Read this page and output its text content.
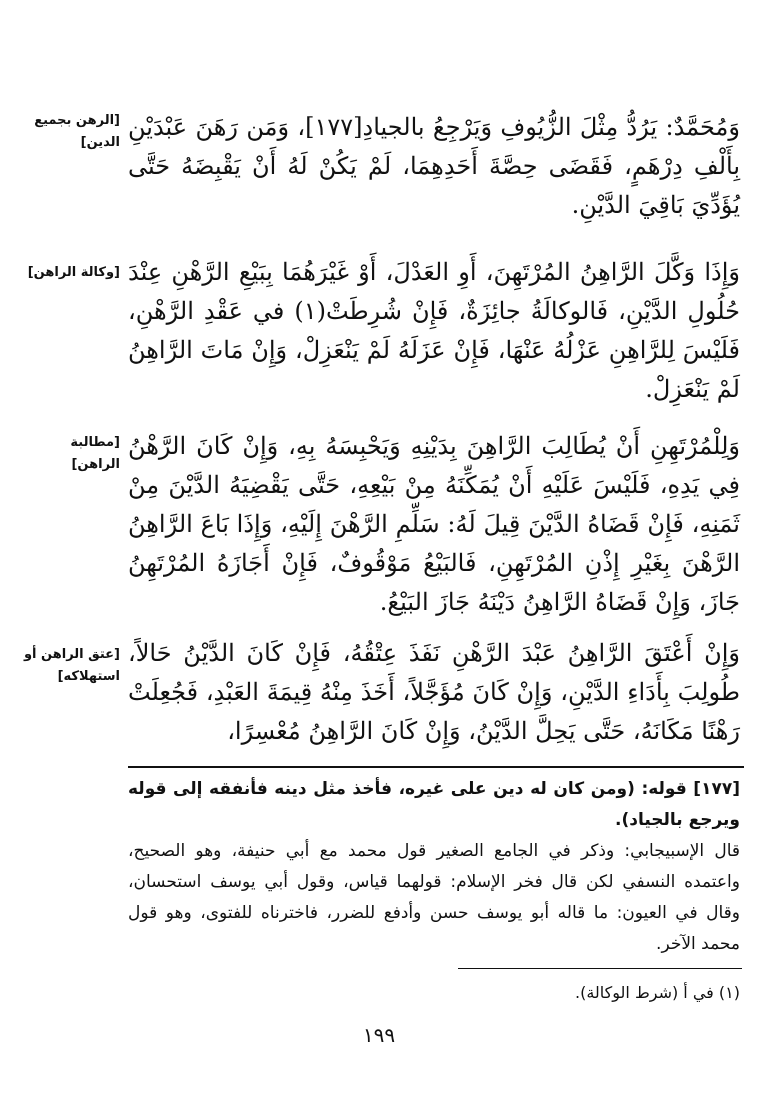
[الرهن بجميع الدين]
[وكالة الراهن]
[مطالبة الراهن]
[عتق الراهن أو استهلاكه]

وَمُحَمَّدٌ: يَرُدُّ مِثْلَ الزُّيُوفِ وَيَرْجِعُ بالجيادِ[١٧٧]، وَمَن رَهَنَ عَبْدَيْنِ بِأَلْفِ دِرْهَمٍ، فَقَضَى حِصَّةَ أَحَدِهِمَا، لَمْ يَكُنْ لَهُ أَنْ يَقْبِضَهُ حَتَّى يُؤَدِّيَ بَاقِيَ الدَّيْنِ.

وَإِذَا وَكَّلَ الرَّاهِنُ المُرْتَهِنَ، أَوِ العَدْلَ، أَوْ غَيْرَهُمَا بِبَيْعِ الرَّهْنِ عِنْدَ حُلُولِ الدَّيْنِ، فَالوكالَةُ جائِزَةٌ، فَإِنْ شُرِطَتْ(١) في عَقْدِ الرَّهْنِ، فَلَيْسَ لِلرَّاهِنِ عَزْلُهُ عَنْهَا، فَإِنْ عَزَلَهُ لَمْ يَنْعَزِلْ، وَإِنْ مَاتَ الرَّاهِنُ لَمْ يَنْعَزِلْ.

وَلِلْمُرْتَهِنِ أَنْ يُطَالِبَ الرَّاهِنَ بِدَيْنِهِ وَيَحْبِسَهُ بِهِ، وَإِنْ كَانَ الرَّهْنُ فِي يَدِهِ، فَلَيْسَ عَلَيْهِ أَنْ يُمَكِّنَهُ مِنْ بَيْعِهِ، حَتَّى يَقْضِيَهُ الدَّيْنَ مِنْ ثَمَنِهِ، فَإِنْ قَضَاهُ الدَّيْنَ قِيلَ لَهُ: سَلِّمِ الرَّهْنَ إِلَيْهِ، وَإِذَا بَاعَ الرَّاهِنُ الرَّهْنَ بِغَيْرِ إِذْنِ المُرْتَهِنِ، فَالبَيْعُ مَوْقُوفٌ، فَإِنْ أَجَازَهُ المُرْتَهِنُ جَازَ، وَإِنْ قَضَاهُ الرَّاهِنُ دَيْنَهُ جَازَ البَيْعُ.

وَإِنْ أَعْتَقَ الرَّاهِنُ عَبْدَ الرَّهْنِ نَفَذَ عِتْقُهُ، فَإِنْ كَانَ الدَّيْنُ حَالاً، طُولِبَ بِأَدَاءِ الدَّيْنِ، وَإِنْ كَانَ مُؤَجَّلاً، أَخَذَ مِنْهُ قِيمَةَ العَبْدِ، فَجُعِلَتْ رَهْنًا مَكَانَهُ، حَتَّى يَحِلَّ الدَّيْنُ، وَإِنْ كَانَ الرَّاهِنُ مُعْسِرًا،

[١٧٧] قوله: (ومن كان له دين على غيره، فأخذ مثل دينه فأنفقه إلى قوله ويرجع بالجياد).

قال الإسبيجابي: وذكر في الجامع الصغير قول محمد مع أبي حنيفة، وهو الصحيح، واعتمده النسفي لكن قال فخر الإسلام: قولهما قياس، وقول أبي يوسف استحسان، وقال في العيون: ما قاله أبو يوسف حسن وأدفع للضرر، فاخترناه للفتوى، وهو قول محمد الآخر.

(١) في أ (شرط الوكالة).
١٩٩
